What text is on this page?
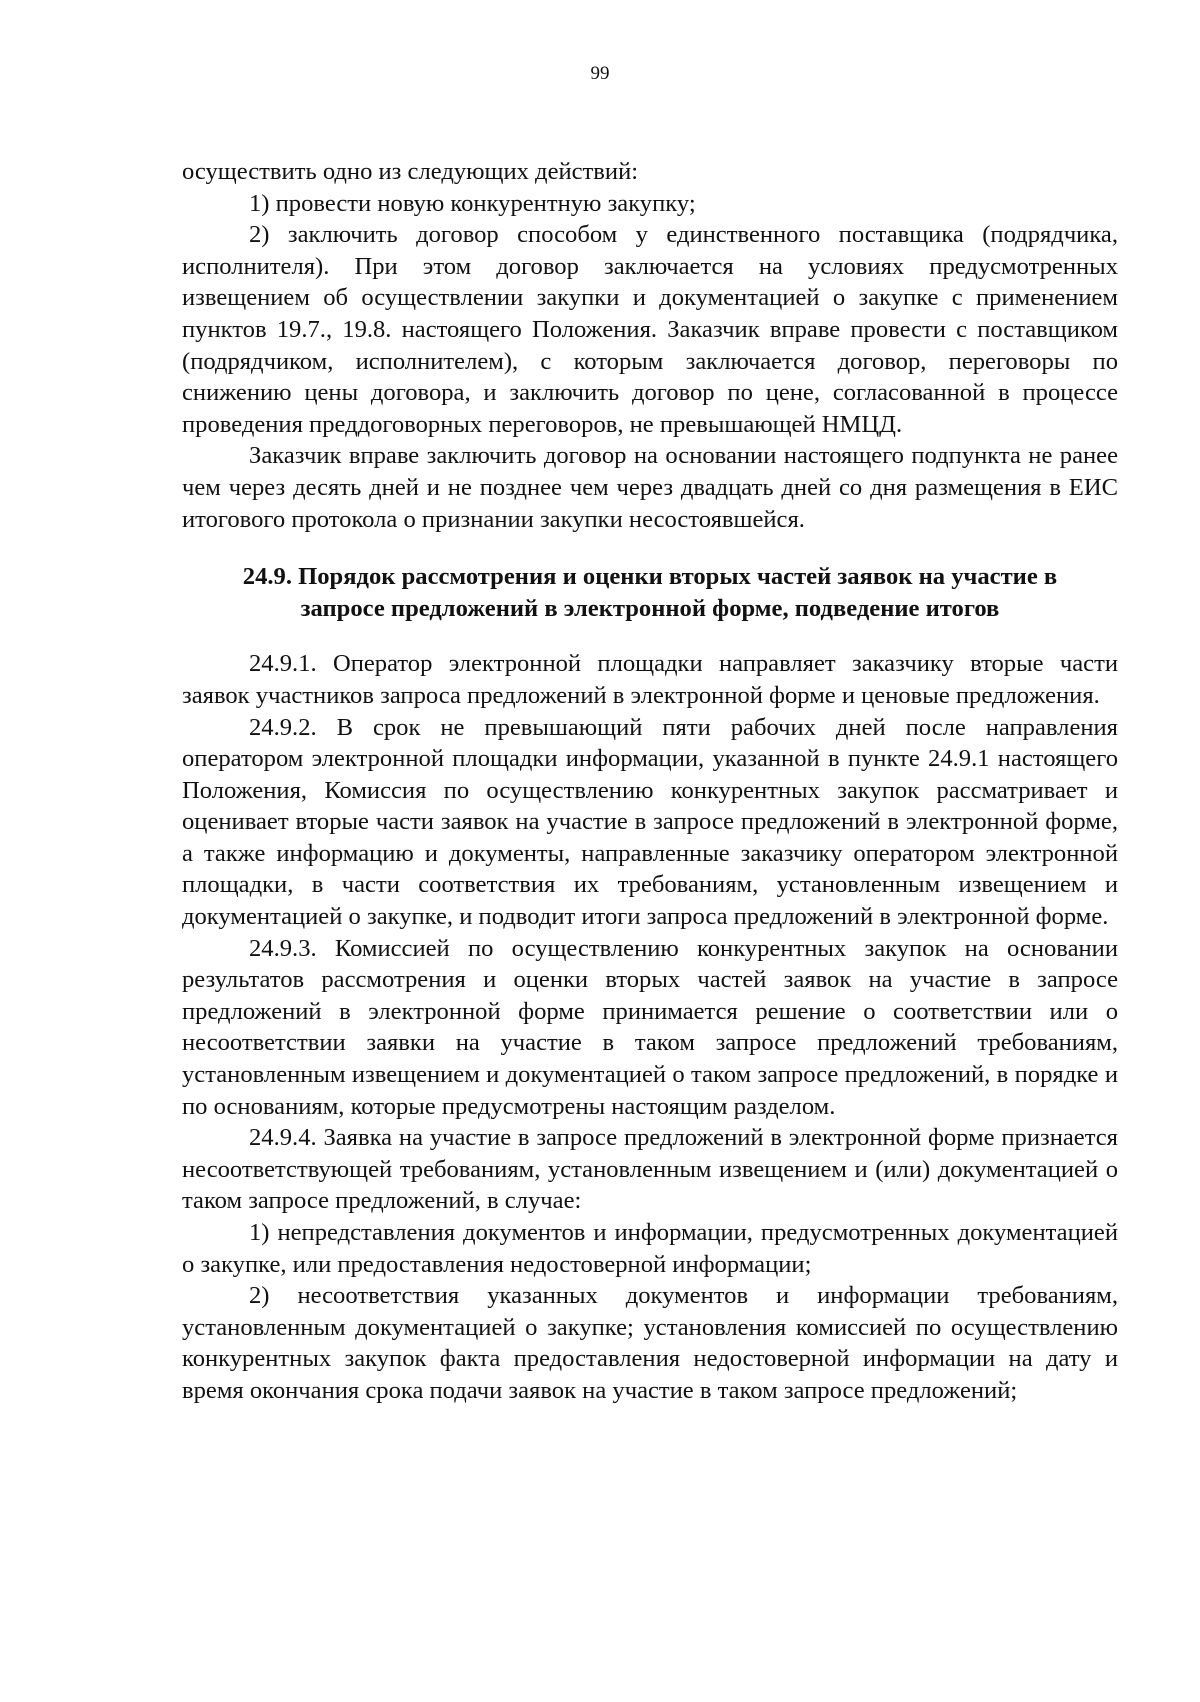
99

осуществить одно из следующих действий:

1) провести новую конкурентную закупку;

2) заключить договор способом у единственного поставщика (подрядчика, исполнителя). При этом договор заключается на условиях предусмотренных извещением об осуществлении закупки и документацией о закупке с применением пунктов 19.7., 19.8. настоящего Положения. Заказчик вправе провести с поставщиком (подрядчиком, исполнителем), с которым заключается договор, переговоры по снижению цены договора, и заключить договор по цене, согласованной в процессе проведения преддоговорных переговоров, не превышающей НМЦД.

Заказчик вправе заключить договор на основании настоящего подпункта не ранее чем через десять дней и не позднее чем через двадцать дней со дня размещения в ЕИС итогового протокола о признании закупки несостоявшейся.

24.9. Порядок рассмотрения и оценки вторых частей заявок на участие в
запросе предложений в электронной форме, подведение итогов

24.9.1. Оператор электронной площадки направляет заказчику вторые части заявок участников запроса предложений в электронной форме и ценовые предложения.

24.9.2. В срок не превышающий пяти рабочих дней после направления оператором электронной площадки информации, указанной в пункте 24.9.1 настоящего Положения, Комиссия по осуществлению конкурентных закупок рассматривает и оценивает вторые части заявок на участие в запросе предложений в электронной форме, а также информацию и документы, направленные заказчику оператором электронной площадки, в части соответствия их требованиям, установленным извещением и документацией о закупке, и подводит итоги запроса предложений в электронной форме.

24.9.3. Комиссией по осуществлению конкурентных закупок на основании результатов рассмотрения и оценки вторых частей заявок на участие в запросе предложений в электронной форме принимается решение о соответствии или о несоответствии заявки на участие в таком запросе предложений требованиям, установленным извещением и документацией о таком запросе предложений, в порядке и по основаниям, которые предусмотрены настоящим разделом.

24.9.4. Заявка на участие в запросе предложений в электронной форме признается несоответствующей требованиям, установленным извещением и (или) документацией о таком запросе предложений, в случае:

1) непредставления документов и информации, предусмотренных документацией о закупке, или предоставления недостоверной информации;

2) несоответствия указанных документов и информации требованиям, установленным документацией о закупке; установления комиссией по осуществлению конкурентных закупок факта предоставления недостоверной информации на дату и время окончания срока подачи заявок на участие в таком запросе предложений;
